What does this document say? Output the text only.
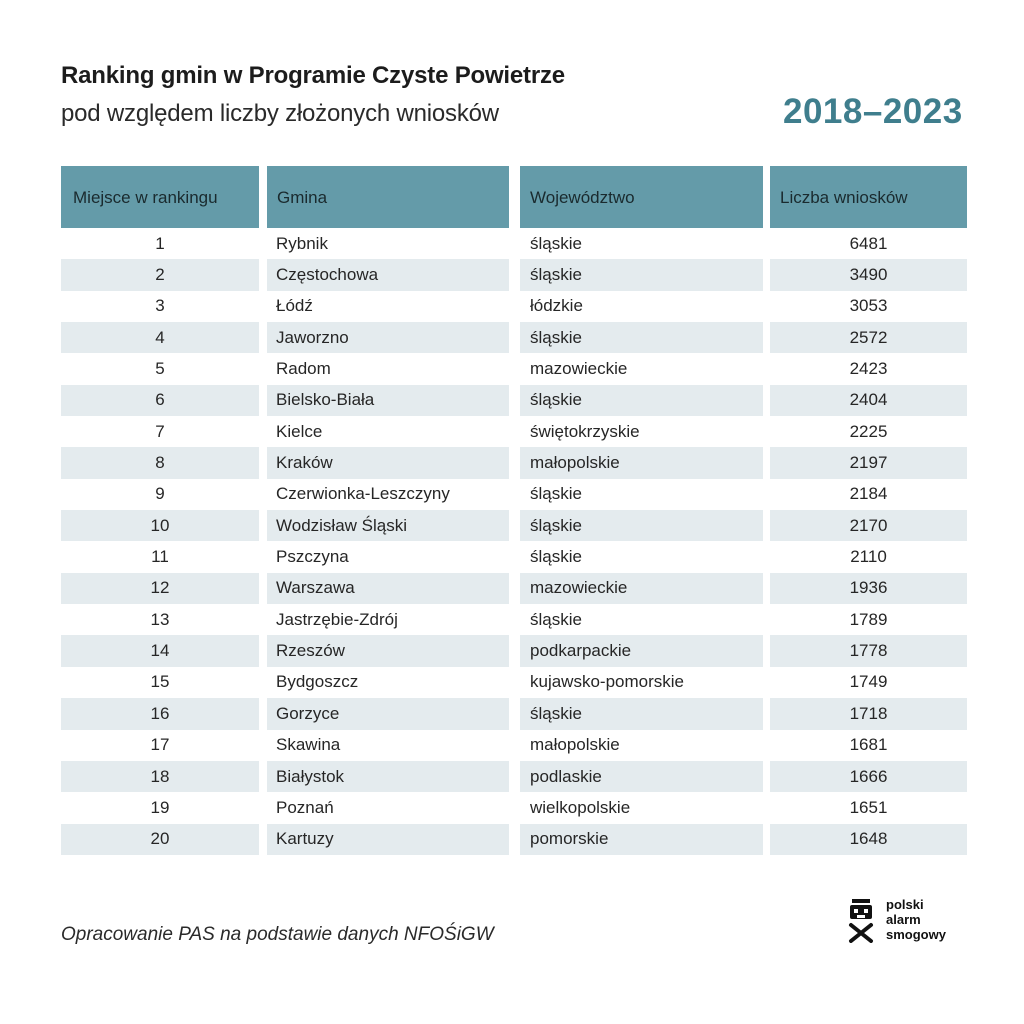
Ranking gmin w Programie Czyste Powietrze
pod względem liczby złożonych wniosków	2018–2023
Miejsce w rankingu	Gmina	Województwo	Liczba wniosków
1	Rybnik	śląskie	6481
2	Częstochowa	śląskie	3490
3	Łódź	łódzkie	3053
4	Jaworzno	śląskie	2572
5	Radom	mazowieckie	2423
6	Bielsko-Biała	śląskie	2404
7	Kielce	świętokrzyskie	2225
8	Kraków	małopolskie	2197
9	Czerwionka-Leszczyny	śląskie	2184
10	Wodzisław Śląski	śląskie	2170
11	Pszczyna	śląskie	2110
12	Warszawa	mazowieckie	1936
13	Jastrzębie-Zdrój	śląskie	1789
14	Rzeszów	podkarpackie	1778
15	Bydgoszcz	kujawsko-pomorskie	1749
16	Gorzyce	śląskie	1718
17	Skawina	małopolskie	1681
18	Białystok	podlaskie	1666
19	Poznań	wielkopolskie	1651
20	Kartuzy	pomorskie	1648
Opracowanie PAS na podstawie danych NFOŚiGW
polski
alarm
smogowy
